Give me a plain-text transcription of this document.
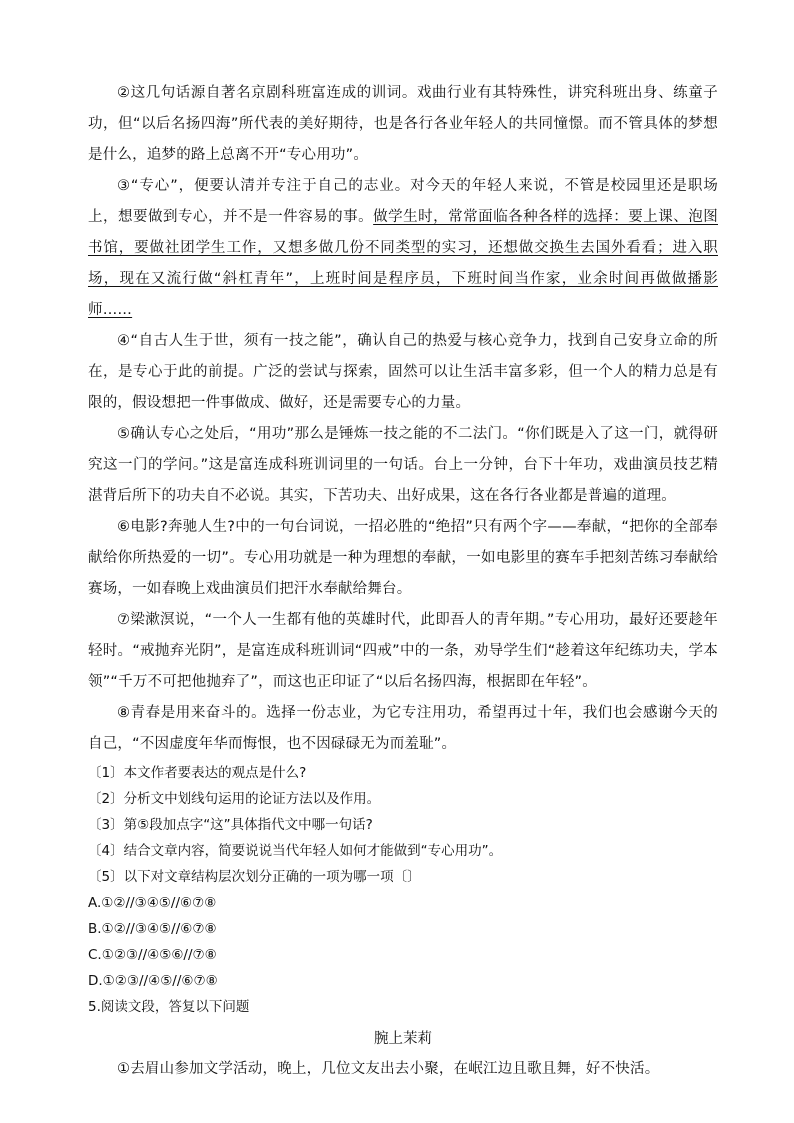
②这几句话源自著名京剧科班富连成的训词。戏曲行业有其特殊性，讲究科班出身、练童子功，但“以后名扬四海”所代表的美好期待，也是各行各业年轻人的共同憧憬。而不管具体的梦想是什么，追梦的路上总离不开“专心用功”。

③“专心”，便要认清并专注于自己的志业。对今天的年轻人来说，不管是校园里还是职场上，想要做到专心，并不是一件容易的事。做学生时，常常面临各种各样的选择：要上课、泡图书馆，要做社团学生工作，又想多做几份不同类型的实习，还想做交换生去国外看看；进入职场，现在又流行做“斜杠青年”，上班时间是程序员，下班时间当作家，业余时间再做做播影师……

④“自古人生于世，须有一技之能”，确认自己的热爱与核心竞争力，找到自己安身立命的所在，是专心于此的前提。广泛的尝试与探索，固然可以让生活丰富多彩，但一个人的精力总是有限的，假设想把一件事做成、做好，还是需要专心的力量。

⑤确认专心之处后，“用功”那么是锤炼一技之能的不二法门。“你们既是入了这一门，就得研究这一门的学问。”这是富连成科班训词里的一句话。台上一分钟，台下十年功，戏曲演员技艺精湛背后所下的功夫自不必说。其实，下苦功夫、出好成果，这在各行各业都是普遍的道理。

⑥电影?奔驰人生?中的一句台词说，一招必胜的“绝招”只有两个字——奉献，“把你的全部奉献给你所热爱的一切”。专心用功就是一种为理想的奉献，一如电影里的赛车手把刻苦练习奉献给赛场，一如春晚上戏曲演员们把汗水奉献给舞台。

⑦梁漱溟说，“一个人一生都有他的英雄时代，此即吾人的青年期。”专心用功，最好还要趁年轻时。“戒抛弃光阴”，是富连成科班训词“四戒”中的一条，劝导学生们“趁着这年纪练功夫，学本领”“千万不可把他抛弃了”，而这也正印证了“以后名扬四海，根据即在年轻”。

⑧青春是用来奋斗的。选择一份志业，为它专注用功，希望再过十年，我们也会感谢今天的自己，“不因虚度年华而悔恨，也不因碌碌无为而羞耻”。

〔1〕本文作者要表达的观点是什么?

〔2〕分析文中划线句运用的论证方法以及作用。

〔3〕第⑤段加点字“这”具体指代文中哪一句话?

〔4〕结合文章内容，简要说说当代年轻人如何才能做到“专心用功”。

〔5〕以下对文章结构层次划分正确的一项为哪一项〔〕

A.①②//③④⑤//⑥⑦⑧

B.①②//③④⑤//⑥⑦⑧

C.①②③//④⑤⑥//⑦⑧

D.①②③//④⑤//⑥⑦⑧

5.阅读文段，答复以下问题

腕上茉莉

①去眉山参加文学活动，晚上，几位文友出去小聚，在岷江边且歌且舞，好不快活。
